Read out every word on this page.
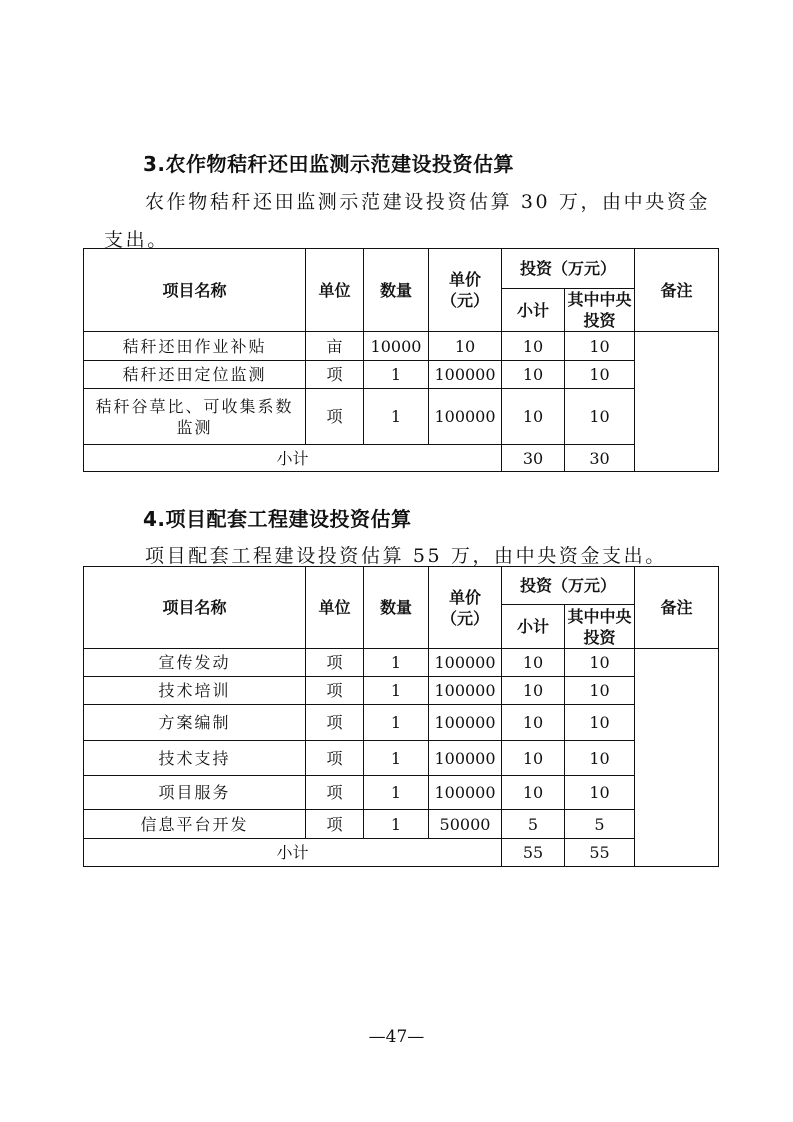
3.农作物秸秆还田监测示范建设投资估算
农作物秸秆还田监测示范建设投资估算 30 万，由中央资金
支出。
项目名称	单位	数量	单价（元）	投资（万元）		备注
				小计	其中中央投资	
秸秆还田作业补贴	亩	10000	10	10	10	
秸秆还田定位监测	项	1	100000	10	10	
秸秆谷草比、可收集系数监测	项	1	100000	10	10	
小计				30	30	
4.项目配套工程建设投资估算
项目配套工程建设投资估算 55 万，由中央资金支出。
项目名称	单位	数量	单价（元）	投资（万元）		备注
				小计	其中中央投资	
宣传发动	项	1	100000	10	10	
技术培训	项	1	100000	10	10	
方案编制	项	1	100000	10	10	
技术支持	项	1	100000	10	10	
项目服务	项	1	100000	10	10	
信息平台开发	项	1	50000	5	5	
小计				55	55	
—47—
